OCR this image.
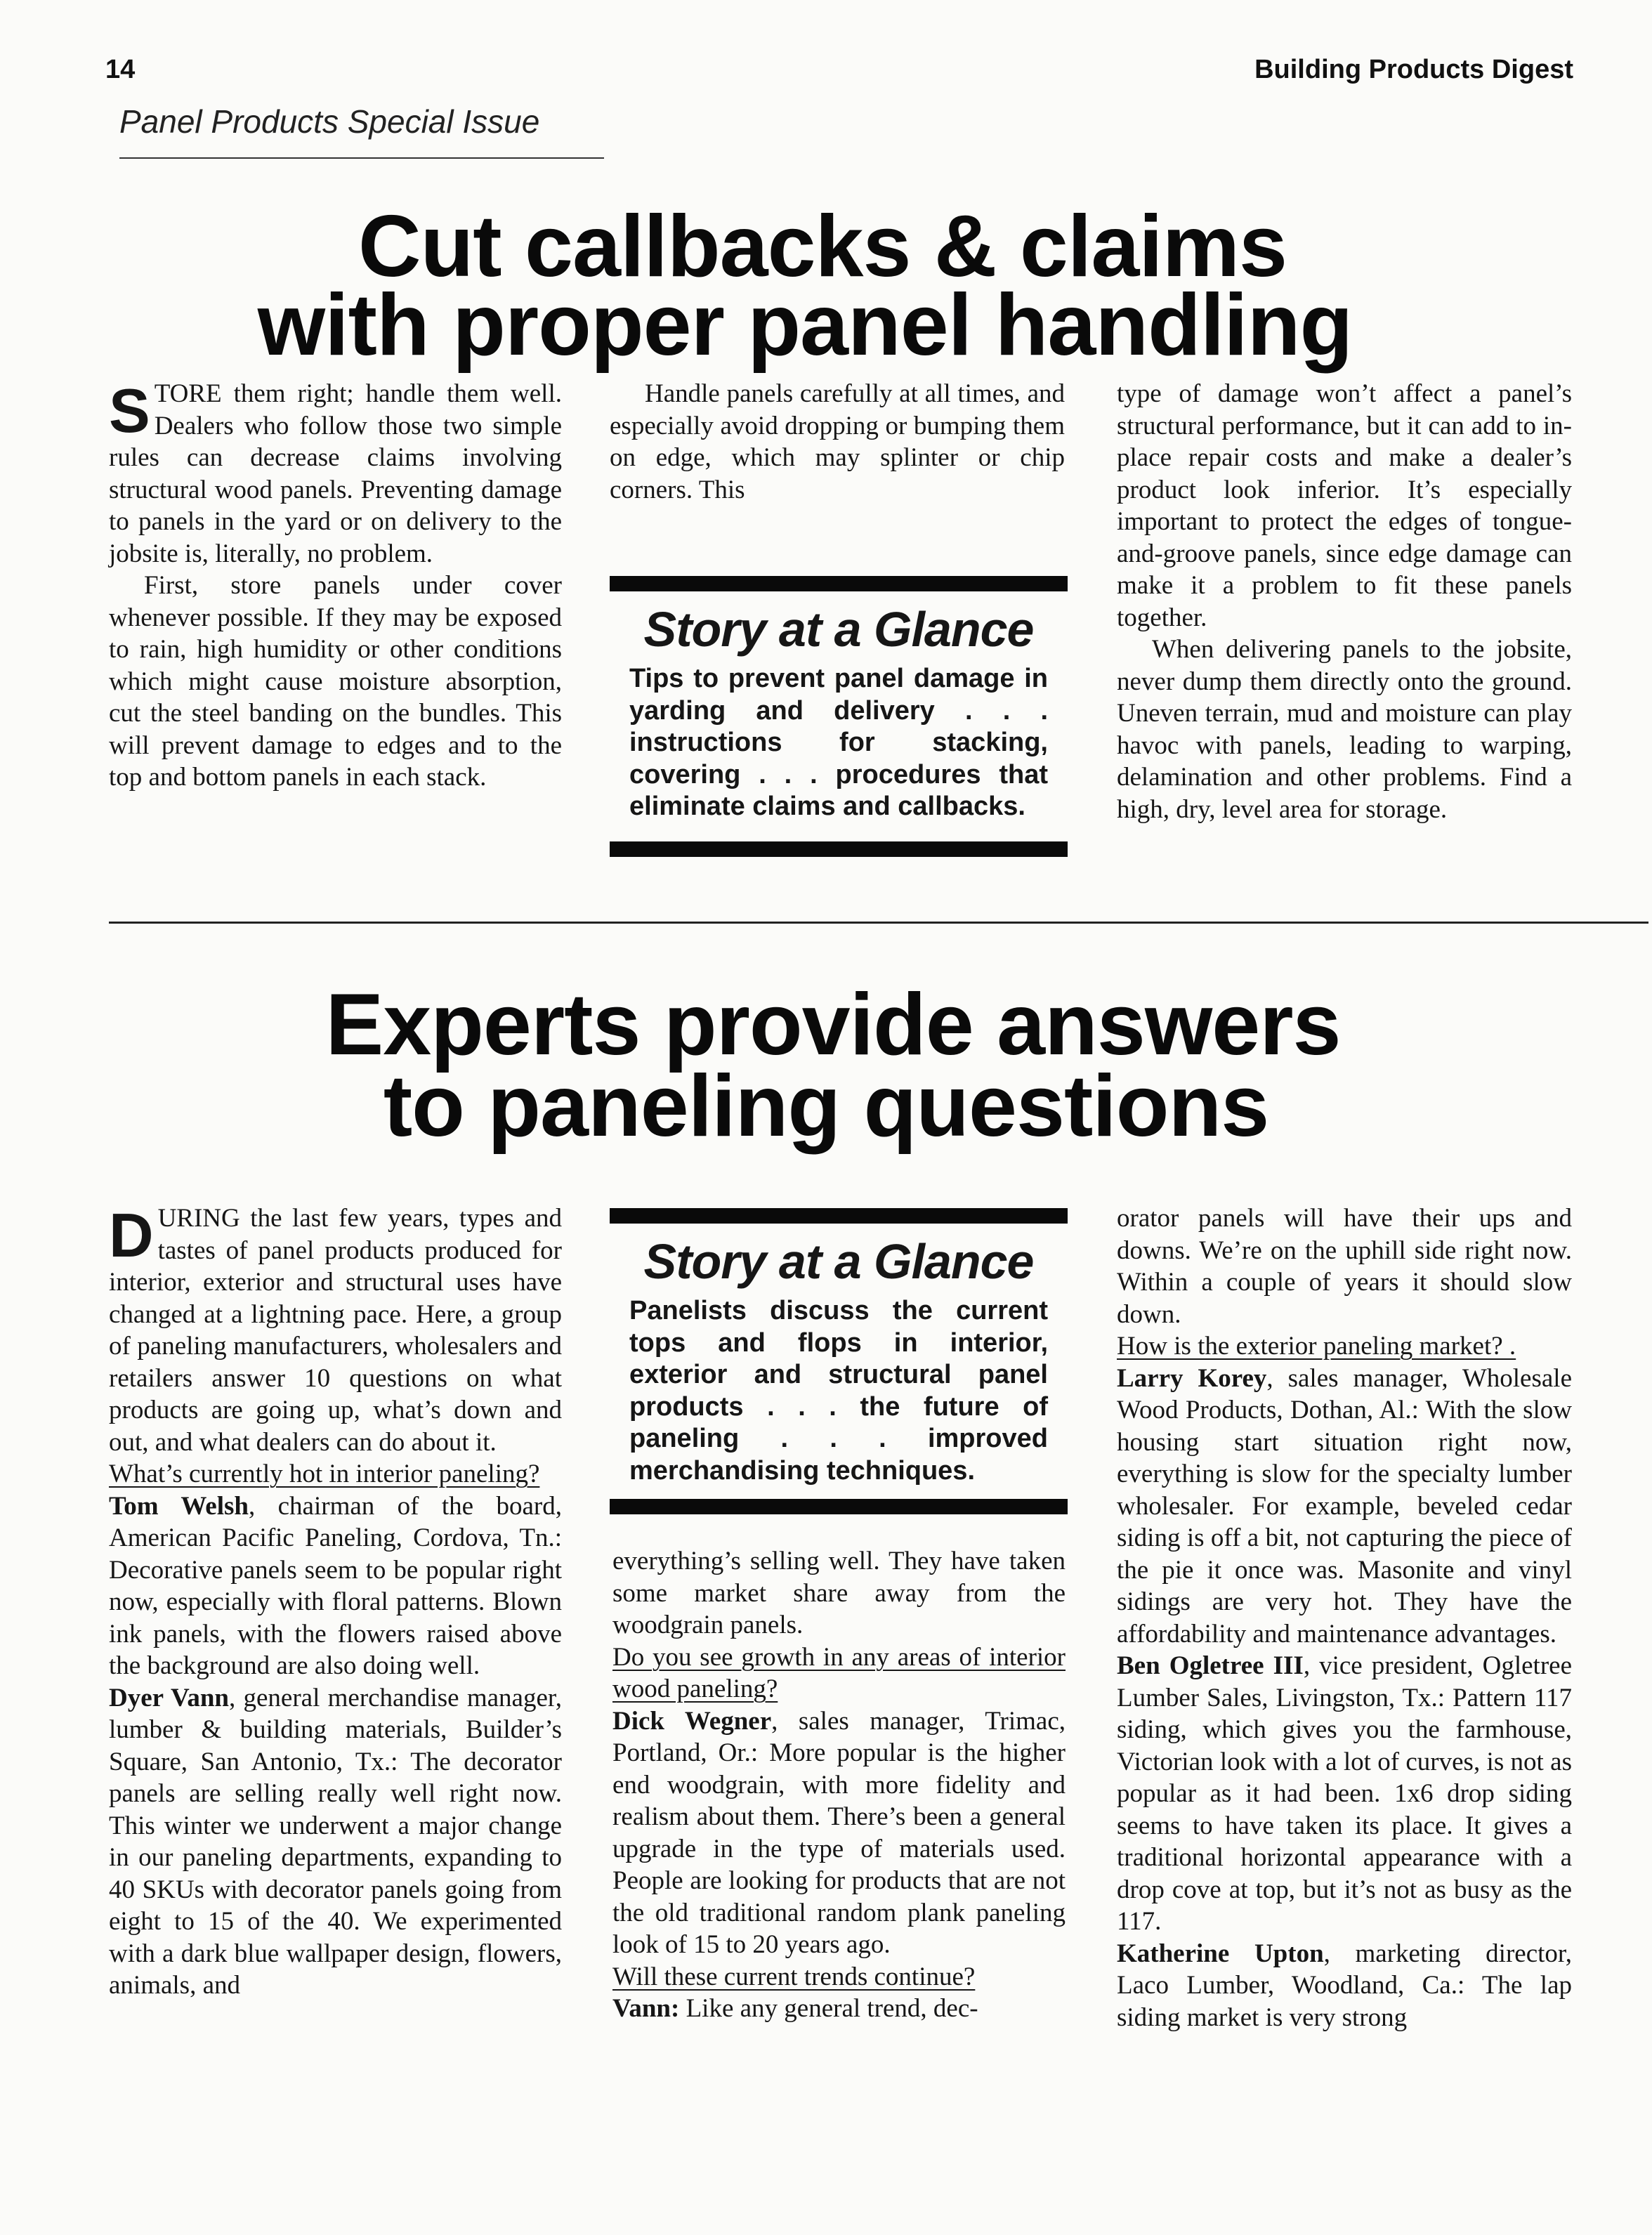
14	Building Products Digest
Panel Products Special Issue
Cut callbacks & claims
with proper panel handling

STORE them right; handle them well. Dealers who follow those two simple rules can decrease claims involving structural wood panels. Preventing damage to panels in the yard or on delivery to the jobsite is, literally, no problem.

First, store panels under cover whenever possible. If they may be exposed to rain, high humidity or other conditions which might cause moisture absorption, cut the steel banding on the bundles. This will prevent damage to edges and to the top and bottom panels in each stack.

Handle panels carefully at all times, and especially avoid dropping or bumping them on edge, which may splinter or chip corners. This

Story at a Glance
Tips to prevent panel damage in yarding and delivery . . . instructions for stacking, covering . . . procedures that eliminate claims and callbacks.

type of damage won’t affect a panel’s structural performance, but it can add to in-place repair costs and make a dealer’s product look inferior. It’s especially important to protect the edges of tongue-and-groove panels, since edge damage can make it a problem to fit these panels together.

When delivering panels to the jobsite, never dump them directly onto the ground. Uneven terrain, mud and moisture can play havoc with panels, leading to warping, delamination and other problems. Find a high, dry, level area for storage.

Experts provide answers
to paneling questions

DURING the last few years, types and tastes of panel products produced for interior, exterior and structural uses have changed at a lightning pace. Here, a group of paneling manufacturers, wholesalers and retailers answer 10 questions on what products are going up, what’s down and out, and what dealers can do about it.

What’s currently hot in interior paneling?

Tom Welsh, chairman of the board, American Pacific Paneling, Cordova, Tn.: Decorative panels seem to be popular right now, especially with floral patterns. Blown ink panels, with the flowers raised above the background are also doing well.

Dyer Vann, general merchandise manager, lumber & building materials, Builder’s Square, San Antonio, Tx.: The decorator panels are selling really well right now. This winter we underwent a major change in our paneling departments, expanding to 40 SKUs with decorator panels going from eight to 15 of the 40. We experimented with a dark blue wallpaper design, flowers, animals, and

Story at a Glance
Panelists discuss the current tops and flops in interior, exterior and structural panel products . . . the future of paneling . . . improved merchandising techniques.

everything’s selling well. They have taken some market share away from the woodgrain panels.

Do you see growth in any areas of interior wood paneling?

Dick Wegner, sales manager, Trimac, Portland, Or.: More popular is the higher end woodgrain, with more fidelity and realism about them. There’s been a general upgrade in the type of materials used. People are looking for products that are not the old traditional random plank paneling look of 15 to 20 years ago.

Will these current trends continue?

Vann: Like any general trend, dec-

orator panels will have their ups and downs. We’re on the uphill side right now. Within a couple of years it should slow down.

How is the exterior paneling market? .

Larry Korey, sales manager, Wholesale Wood Products, Dothan, Al.: With the slow housing start situation right now, everything is slow for the specialty lumber wholesaler. For example, beveled cedar siding is off a bit, not capturing the piece of the pie it once was. Masonite and vinyl sidings are very hot. They have the affordability and maintenance advantages.

Ben Ogletree III, vice president, Ogletree Lumber Sales, Livingston, Tx.: Pattern 117 siding, which gives you the farmhouse, Victorian look with a lot of curves, is not as popular as it had been. 1x6 drop siding seems to have taken its place. It gives a traditional horizontal appearance with a drop cove at top, but it’s not as busy as the 117.

Katherine Upton, marketing director, Laco Lumber, Woodland, Ca.: The lap siding market is very strong
